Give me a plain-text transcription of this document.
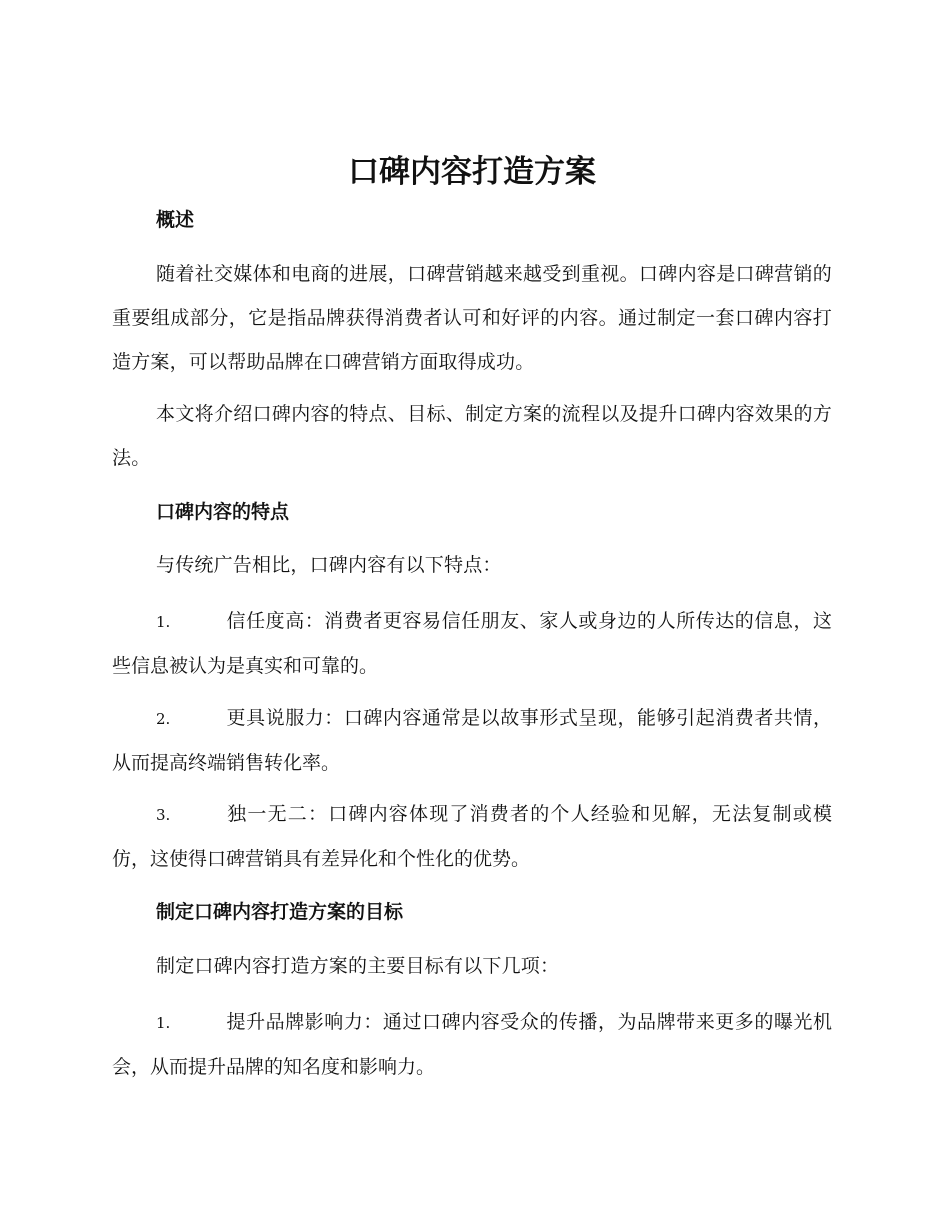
口碑内容打造方案
概述

随着社交媒体和电商的进展，口碑营销越来越受到重视。口碑内容是口碑营销的重要组成部分，它是指品牌获得消费者认可和好评的内容。通过制定一套口碑内容打造方案，可以帮助品牌在口碑营销方面取得成功。

本文将介绍口碑内容的特点、目标、制定方案的流程以及提升口碑内容效果的方法。

口碑内容的特点

与传统广告相比，口碑内容有以下特点：

1.	信任度高：消费者更容易信任朋友、家人或身边的人所传达的信息，这些信息被认为是真实和可靠的。

2.	更具说服力：口碑内容通常是以故事形式呈现，能够引起消费者共情，从而提高终端销售转化率。

3.	独一无二：口碑内容体现了消费者的个人经验和见解，无法复制或模仿，这使得口碑营销具有差异化和个性化的优势。

制定口碑内容打造方案的目标

制定口碑内容打造方案的主要目标有以下几项：

1.	提升品牌影响力：通过口碑内容受众的传播，为品牌带来更多的曝光机会，从而提升品牌的知名度和影响力。
